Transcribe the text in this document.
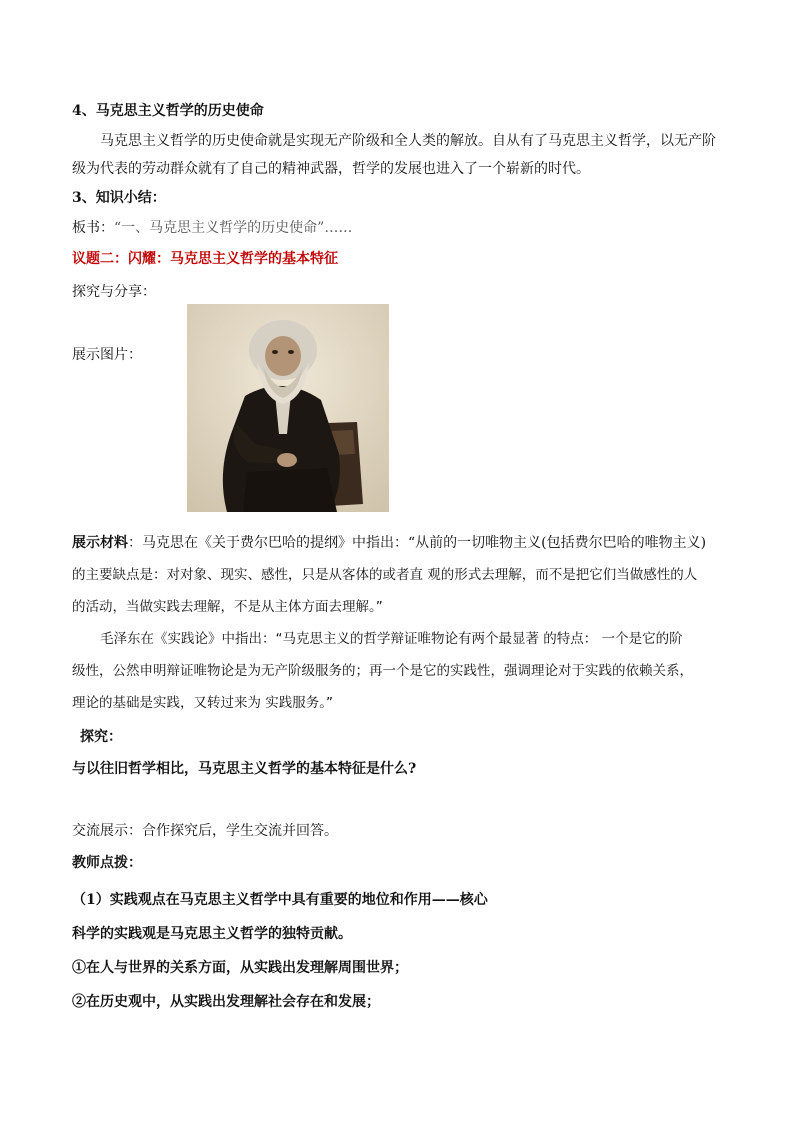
4、马克思主义哲学的历史使命
马克思主义哲学的历史使命就是实现无产阶级和全人类的解放。自从有了马克思主义哲学，以无产阶
级为代表的劳动群众就有了自己的精神武器，哲学的发展也进入了一个崭新的时代。
3、知识小结：
板书：“一、马克思主义哲学的历史使命”……
议题二：闪耀：马克思主义哲学的基本特征
探究与分享：
展示图片：
展示材料：马克思在《关于费尔巴哈的提纲》中指出：“从前的一切唯物主义(包括费尔巴哈的唯物主义)
的主要缺点是：对对象、现实、感性，只是从客体的或者直 观的形式去理解，而不是把它们当做感性的人
的活动，当做实践去理解，不是从主体方面去理解。”
毛泽东在《实践论》中指出：“马克思主义的哲学辩证唯物论有两个最显著 的特点： 一个是它的阶
级性，公然申明辩证唯物论是为无产阶级服务的；再一个是它的实践性，强调理论对于实践的依赖关系，
理论的基础是实践，又转过来为 实践服务。”
探究：
与以往旧哲学相比，马克思主义哲学的基本特征是什么?
交流展示：合作探究后，学生交流并回答。
教师点拨：
（1）实践观点在马克思主义哲学中具有重要的地位和作用——核心
科学的实践观是马克思主义哲学的独特贡献。
①在人与世界的关系方面，从实践出发理解周围世界；
②在历史观中，从实践出发理解社会存在和发展；
